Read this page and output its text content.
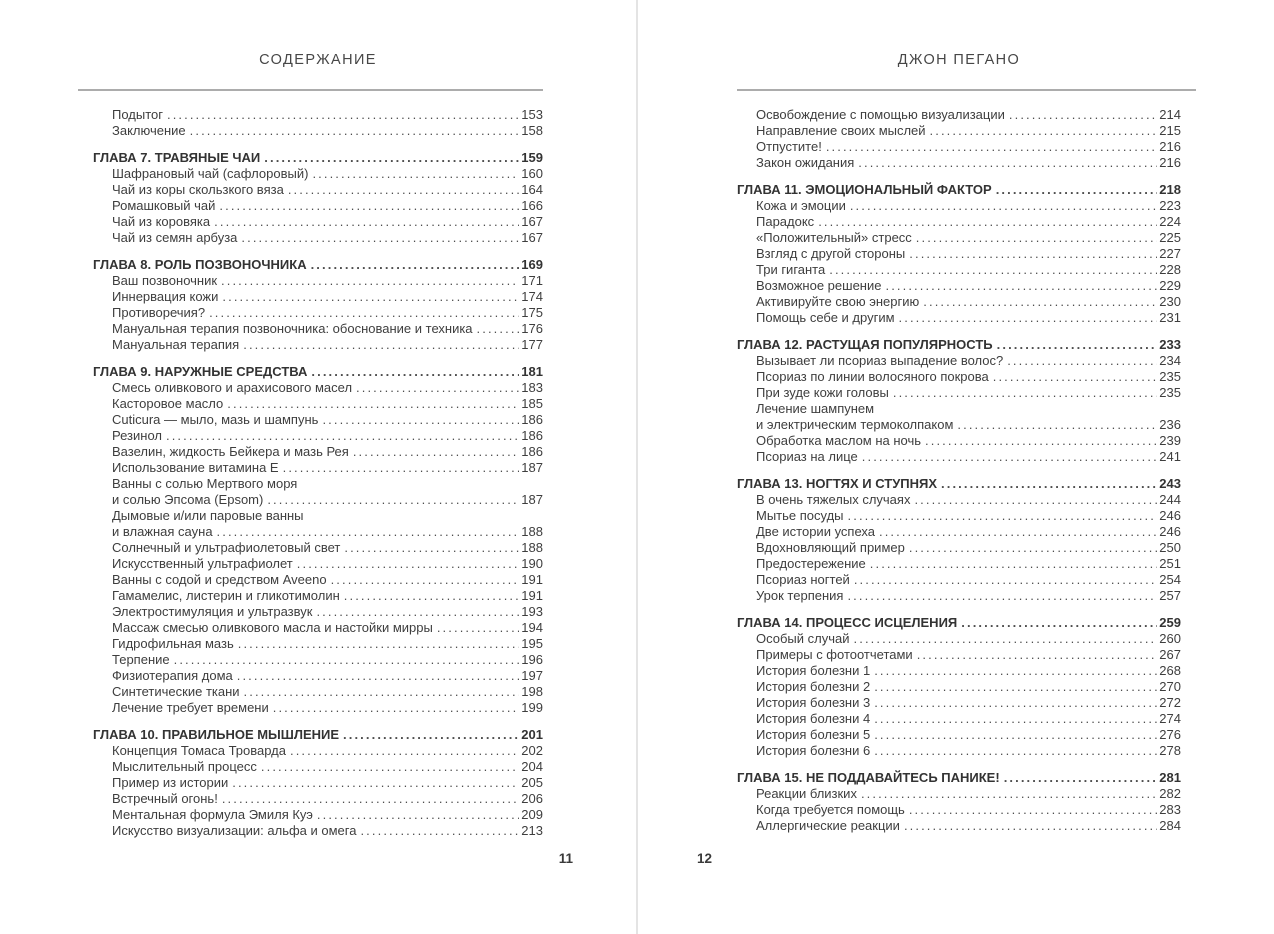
СОДЕРЖАНИЕ
Подытог .....	153
Заключение .....	158
ГЛАВА 7. ТРАВЯНЫЕ ЧАИ .....	159
Шафрановый чай (сафлоровый) .....	160
Чай из коры скользкого вяза .....	164
Ромашковый чай .....	166
Чай из коровяка .....	167
Чай из семян арбуза .....	167
ГЛАВА 8. РОЛЬ ПОЗВОНОЧНИКА .....	169
Ваш позвоночник .....	171
Иннервация кожи .....	174
Противоречия? .....	175
Мануальная терапия позвоночника: обоснование и техника .....	176
Мануальная терапия .....	177
ГЛАВА 9. НАРУЖНЫЕ СРЕДСТВА .....	181
Смесь оливкового и арахисового масел .....	183
Касторовое масло .....	185
Cuticura — мыло, мазь и шампунь .....	186
Резинол .....	186
Вазелин, жидкость Бейкера и мазь Рея .....	186
Использование витамина Е .....	187
Ванны с солью Мертвого моря
и солью Эпсома (Epsom) .....	187
Дымовые и/или паровые ванны
и влажная сауна .....	188
Солнечный и ультрафиолетовый свет .....	188
Искусственный ультрафиолет .....	190
Ванны с содой и средством Aveeno .....	191
Гамамелис, листерин и гликотимолин .....	191
Электростимуляция и ультразвук .....	193
Массаж смесью оливкового масла и настойки мирры .....	194
Гидрофильная мазь .....	195
Терпение .....	196
Физиотерапия дома .....	197
Синтетические ткани .....	198
Лечение требует времени .....	199
ГЛАВА 10. ПРАВИЛЬНОЕ МЫШЛЕНИЕ .....	201
Концепция Томаса Троварда .....	202
Мыслительный процесс .....	204
Пример из истории .....	205
Встречный огонь! .....	206
Ментальная формула Эмиля Куэ .....	209
Искусство визуализации: альфа и омега .....	213
11
ДЖОН ПЕГАНО
Освобождение с помощью визуализации .....	214
Направление своих мыслей .....	215
Отпустите! .....	216
Закон ожидания .....	216
ГЛАВА 11. ЭМОЦИОНАЛЬНЫЙ ФАКТОР .....	218
Кожа и эмоции .....	223
Парадокс .....	224
«Положительный» стресс .....	225
Взгляд с другой стороны .....	227
Три гиганта .....	228
Возможное решение .....	229
Активируйте свою энергию .....	230
Помощь себе и другим .....	231
ГЛАВА 12. РАСТУЩАЯ ПОПУЛЯРНОСТЬ .....	233
Вызывает ли псориаз выпадение волос? .....	234
Псориаз по линии волосяного покрова .....	235
При зуде кожи головы .....	235
Лечение шампунем
и электрическим термоколпаком .....	236
Обработка маслом на ночь .....	239
Псориаз на лице .....	241
ГЛАВА 13. НОГТЯХ И СТУПНЯХ .....	243
В очень тяжелых случаях .....	244
Мытье посуды .....	246
Две истории успеха .....	246
Вдохновляющий пример .....	250
Предостережение .....	251
Псориаз ногтей .....	254
Урок терпения .....	257
ГЛАВА 14. ПРОЦЕСС ИСЦЕЛЕНИЯ .....	259
Особый случай .....	260
Примеры с фотоотчетами .....	267
История болезни 1 .....	268
История болезни 2 .....	270
История болезни 3 .....	272
История болезни 4 .....	274
История болезни 5 .....	276
История болезни 6 .....	278
ГЛАВА 15. НЕ ПОДДАВАЙТЕСЬ ПАНИКЕ! .....	281
Реакции близких .....	282
Когда требуется помощь .....	283
Аллергические реакции .....	284
12
